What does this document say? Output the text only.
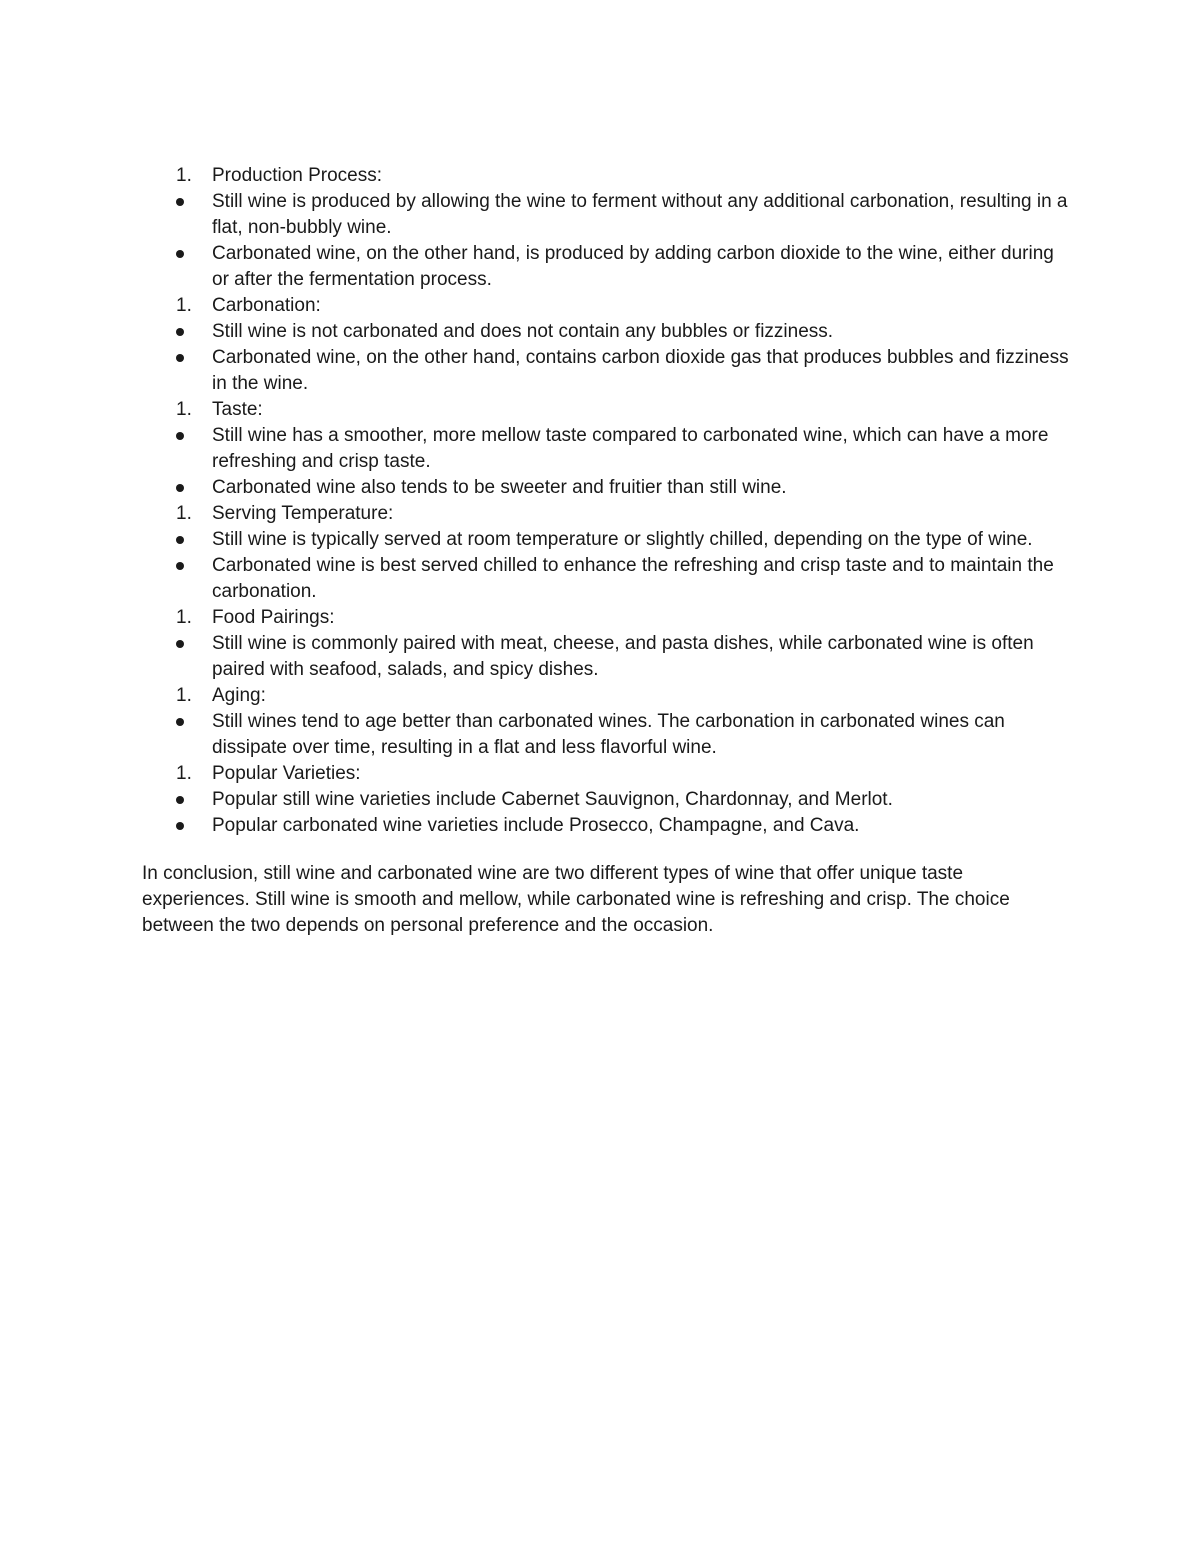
1. Production Process:
Still wine is produced by allowing the wine to ferment without any additional carbonation, resulting in a flat, non-bubbly wine.
Carbonated wine, on the other hand, is produced by adding carbon dioxide to the wine, either during or after the fermentation process.
1. Carbonation:
Still wine is not carbonated and does not contain any bubbles or fizziness.
Carbonated wine, on the other hand, contains carbon dioxide gas that produces bubbles and fizziness in the wine.
1. Taste:
Still wine has a smoother, more mellow taste compared to carbonated wine, which can have a more refreshing and crisp taste.
Carbonated wine also tends to be sweeter and fruitier than still wine.
1. Serving Temperature:
Still wine is typically served at room temperature or slightly chilled, depending on the type of wine.
Carbonated wine is best served chilled to enhance the refreshing and crisp taste and to maintain the carbonation.
1. Food Pairings:
Still wine is commonly paired with meat, cheese, and pasta dishes, while carbonated wine is often paired with seafood, salads, and spicy dishes.
1. Aging:
Still wines tend to age better than carbonated wines. The carbonation in carbonated wines can dissipate over time, resulting in a flat and less flavorful wine.
1. Popular Varieties:
Popular still wine varieties include Cabernet Sauvignon, Chardonnay, and Merlot.
Popular carbonated wine varieties include Prosecco, Champagne, and Cava.

In conclusion, still wine and carbonated wine are two different types of wine that offer unique taste experiences. Still wine is smooth and mellow, while carbonated wine is refreshing and crisp. The choice between the two depends on personal preference and the occasion.
